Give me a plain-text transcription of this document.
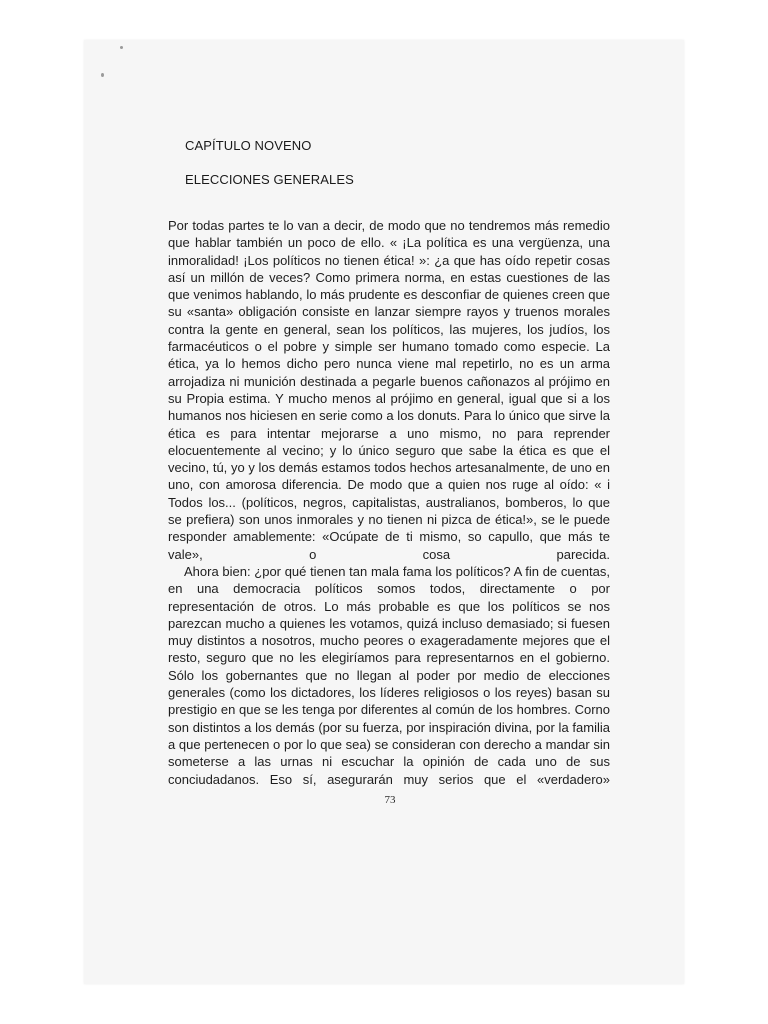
CAPÍTULO NOVENO
ELECCIONES GENERALES

Por todas partes te lo van a decir, de modo que no tendremos más remedio que hablar también un poco de ello. « ¡La política es una vergüenza, una inmoralidad! ¡Los políticos no tienen ética! »: ¿a que has oído repetir cosas así un millón de veces? Como primera norma, en estas cuestiones de las que venimos hablando, lo más prudente es desconfiar de quienes creen que su «santa» obligación consiste en lanzar siempre rayos y truenos morales contra la gente en general, sean los políticos, las mujeres, los judíos, los farmacéuticos o el pobre y simple ser humano tomado como especie. La ética, ya lo hemos dicho pero nunca viene mal repetirlo, no es un arma arrojadiza ni munición destinada a pegarle buenos cañonazos al prójimo en su Propia estima. Y mucho menos al prójimo en general, igual que si a los humanos nos hiciesen en serie como a los donuts. Para lo único que sirve la ética es para intentar mejorarse a uno mismo, no para reprender elocuentemente al vecino; y lo único seguro que sabe la ética es que el vecino, tú, yo y los demás estamos todos hechos artesanalmente, de uno en uno, con amorosa diferencia. De modo que a quien nos ruge al oído: « i Todos los... (políticos, negros, capitalistas, australianos, bomberos, lo que se prefiera) son unos inmorales y no tienen ni pizca de ética!», se le puede responder amablemente: «Ocúpate de ti mismo, so capullo, que más te vale», o cosa parecida.

Ahora bien: ¿por qué tienen tan mala fama los políticos? A fin de cuentas, en una democracia políticos somos todos, directamente o por representación de otros. Lo más probable es que los políticos se nos parezcan mucho a quienes les votamos, quizá incluso demasiado; si fuesen muy distintos a nosotros, mucho peores o exageradamente mejores que el resto, seguro que no les elegiríamos para representarnos en el gobierno. Sólo los gobernantes que no llegan al poder por medio de elecciones generales (como los dictadores, los líderes religiosos o los reyes) basan su prestigio en que se les tenga por diferentes al común de los hombres. Corno son distintos a los demás (por su fuerza, por inspiración divina, por la familia a que pertenecen o por lo que sea) se consideran con derecho a mandar sin someterse a las urnas ni escuchar la opinión de cada uno de sus conciudadanos. Eso sí, asegurarán muy serios que el «verdadero»

73
